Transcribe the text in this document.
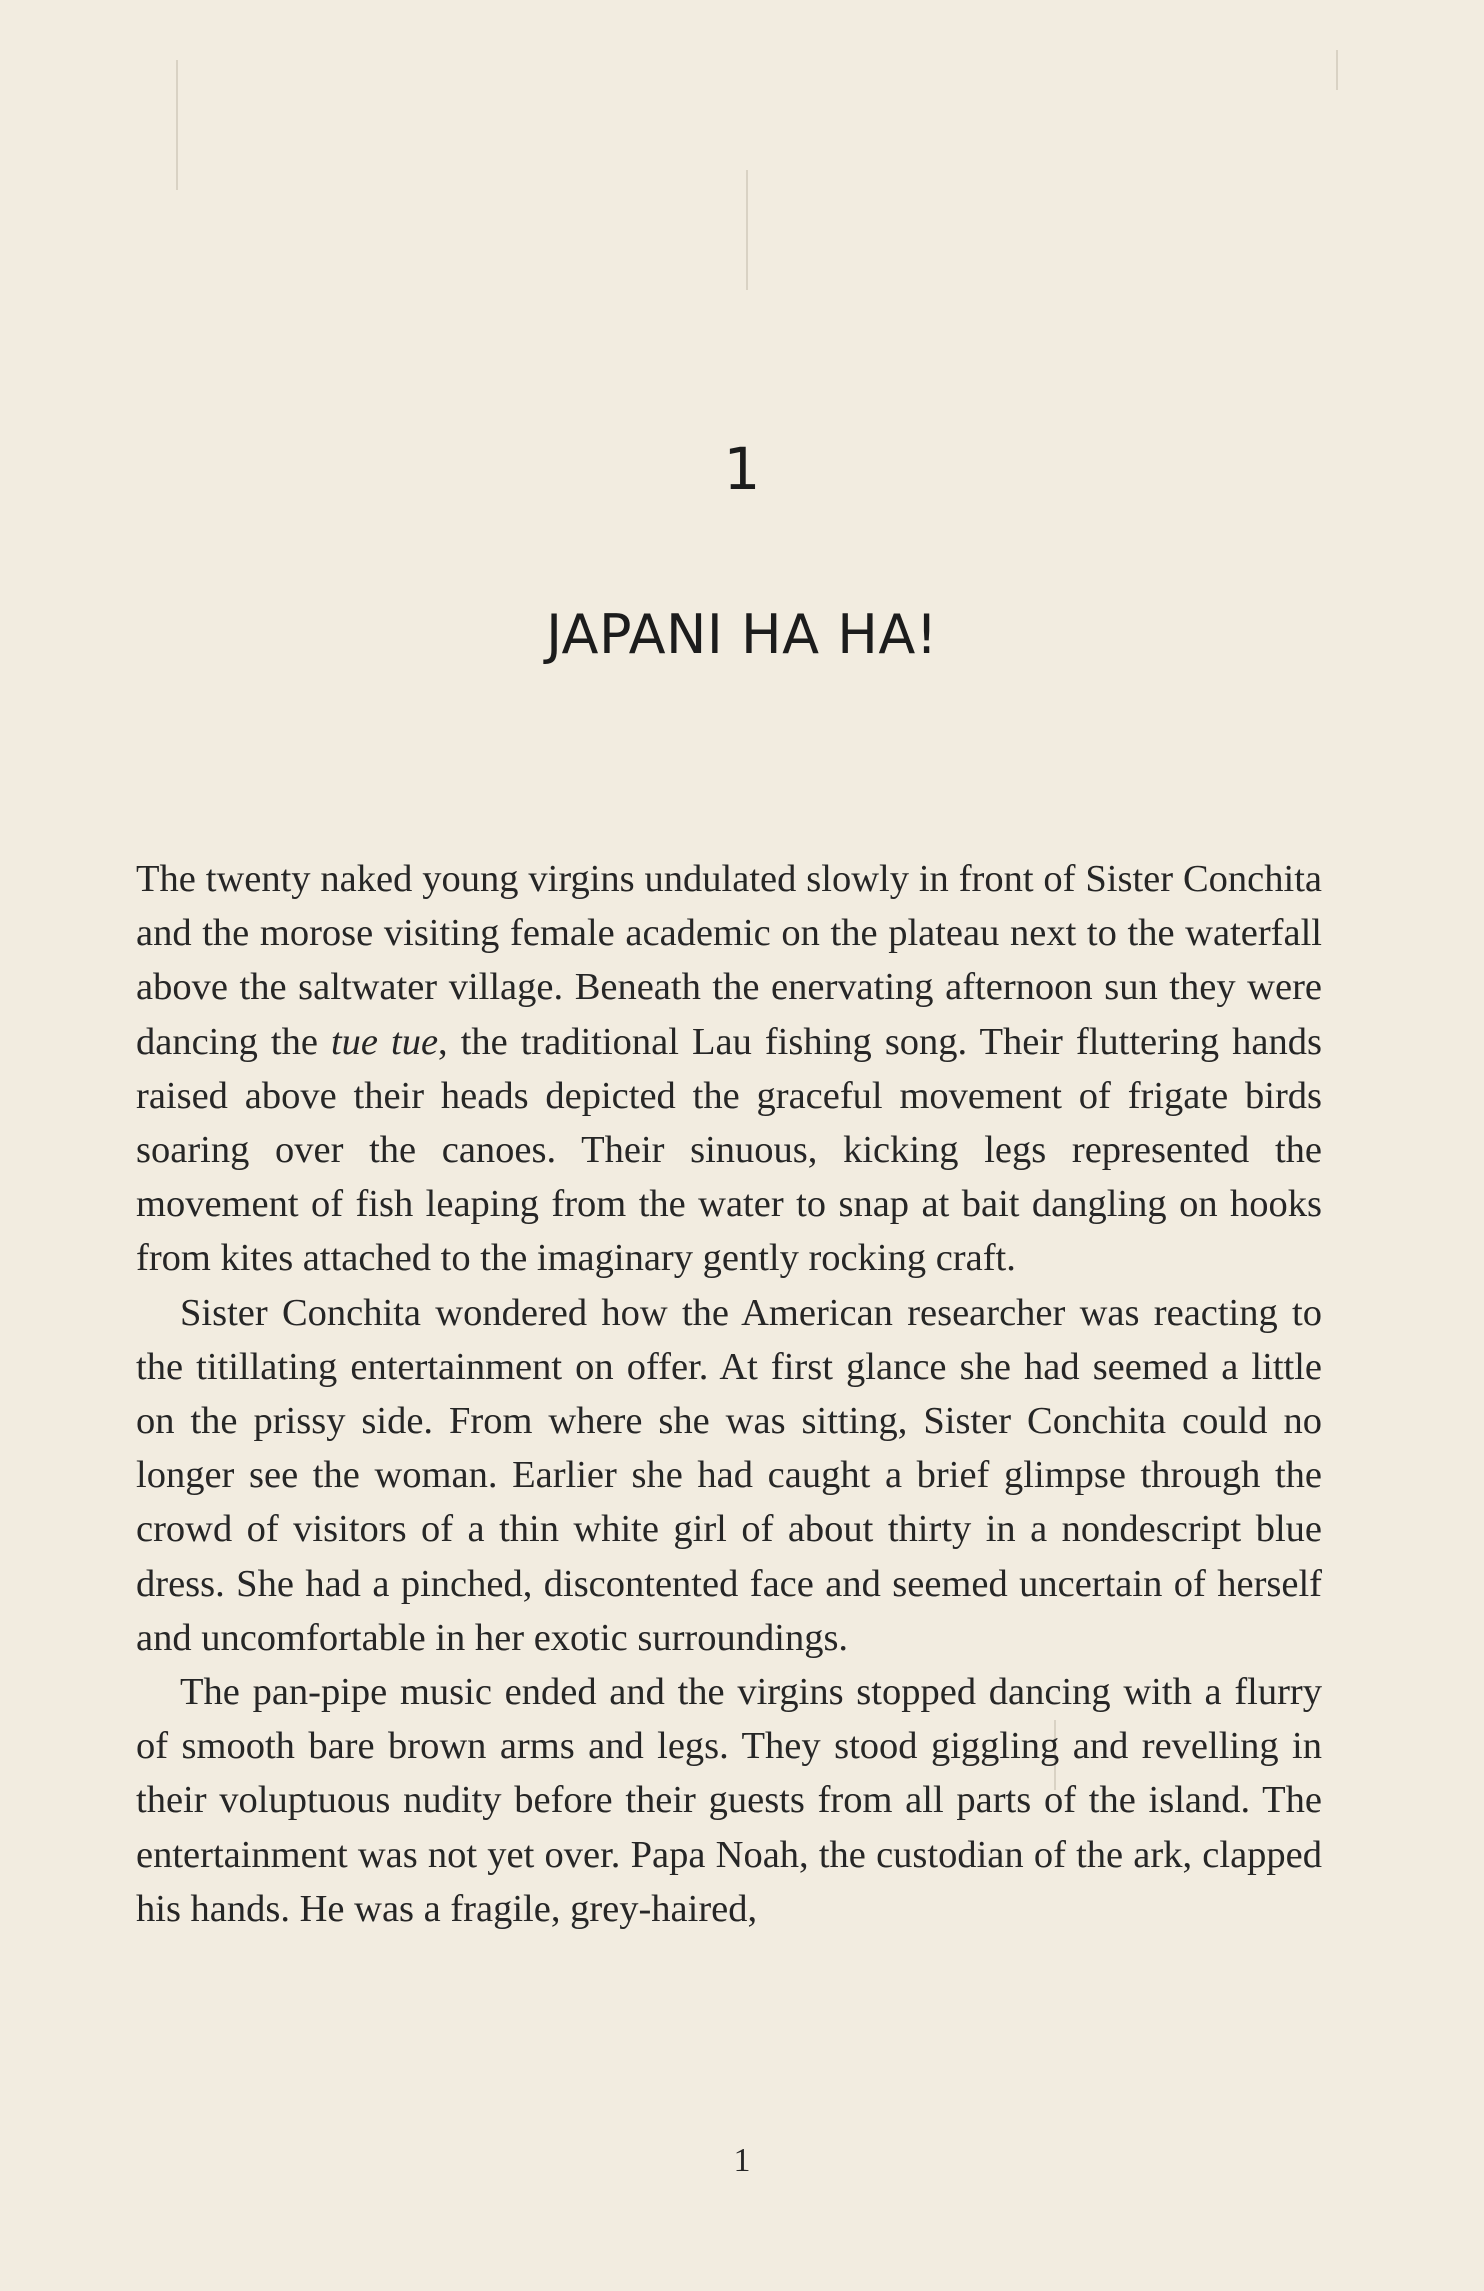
1
JAPANI HA HA!

The twenty naked young virgins undulated slowly in front of Sister Conchita and the morose visiting female academic on the plateau next to the waterfall above the saltwater village. Beneath the enervating afternoon sun they were dancing the tue tue, the traditional Lau fishing song. Their fluttering hands raised above their heads depicted the graceful movement of frigate birds soaring over the canoes. Their sinuous, kicking legs represented the movement of fish leaping from the water to snap at bait dangling on hooks from kites attached to the imaginary gently rocking craft.

Sister Conchita wondered how the American researcher was reacting to the titillating entertainment on offer. At first glance she had seemed a little on the prissy side. From where she was sitting, Sister Conchita could no longer see the woman. Earlier she had caught a brief glimpse through the crowd of visitors of a thin white girl of about thirty in a nondescript blue dress. She had a pinched, discontented face and seemed uncertain of herself and uncomfortable in her exotic surroundings.

The pan-pipe music ended and the virgins stopped dancing with a flurry of smooth bare brown arms and legs. They stood giggling and revelling in their voluptuous nudity before their guests from all parts of the island. The entertainment was not yet over. Papa Noah, the custodian of the ark, clapped his hands. He was a fragile, grey-haired,

1
